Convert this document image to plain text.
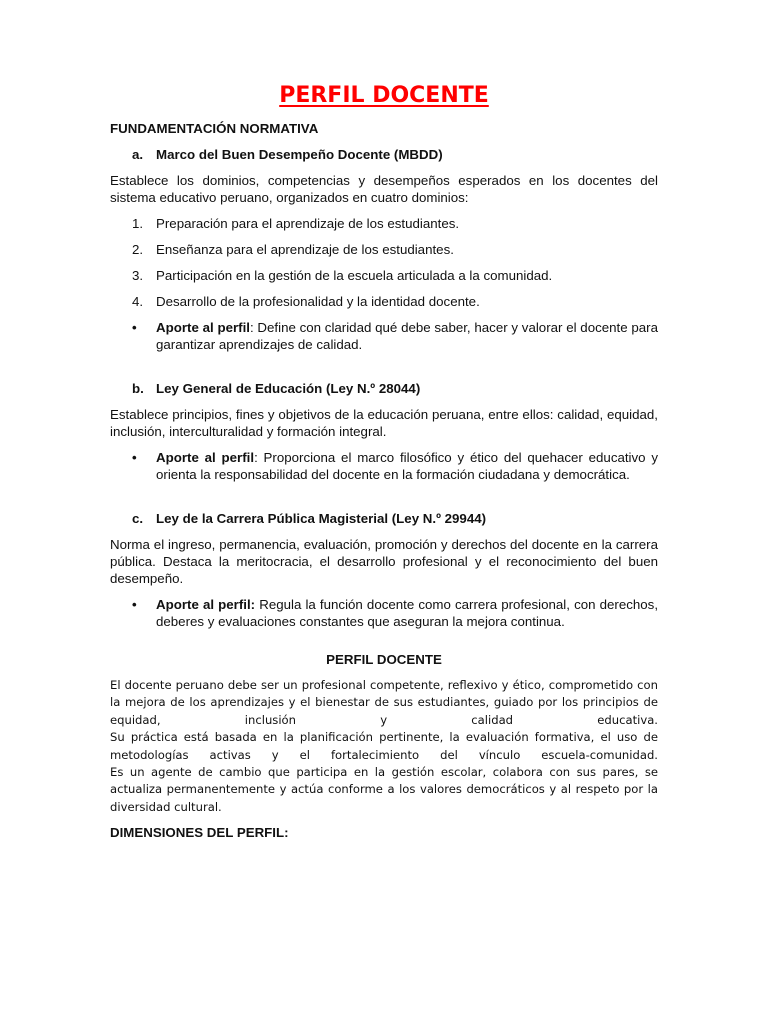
PERFIL DOCENTE
FUNDAMENTACIÓN NORMATIVA
a. Marco del Buen Desempeño Docente (MBDD)

Establece los dominios, competencias y desempeños esperados en los docentes del sistema educativo peruano, organizados en cuatro dominios:

1. Preparación para el aprendizaje de los estudiantes.
2. Enseñanza para el aprendizaje de los estudiantes.
3. Participación en la gestión de la escuela articulada a la comunidad.
4. Desarrollo de la profesionalidad y la identidad docente.
•	Aporte al perfil: Define con claridad qué debe saber, hacer y valorar el docente para garantizar aprendizajes de calidad.
b. Ley General de Educación (Ley N.º 28044)

Establece principios, fines y objetivos de la educación peruana, entre ellos: calidad, equidad, inclusión, interculturalidad y formación integral.

•	Aporte al perfil: Proporciona el marco filosófico y ético del quehacer educativo y orienta la responsabilidad del docente en la formación ciudadana y democrática.
c. Ley de la Carrera Pública Magisterial (Ley N.º 29944)

Norma el ingreso, permanencia, evaluación, promoción y derechos del docente en la carrera pública. Destaca la meritocracia, el desarrollo profesional y el reconocimiento del buen desempeño.

•	Aporte al perfil: Regula la función docente como carrera profesional, con derechos, deberes y evaluaciones constantes que aseguran la mejora continua.
PERFIL DOCENTE
El docente peruano debe ser un profesional competente, reflexivo y ético, comprometido con la mejora de los aprendizajes y el bienestar de sus estudiantes, guiado por los principios de equidad, inclusión y calidad educativa.
Su práctica está basada en la planificación pertinente, la evaluación formativa, el uso de metodologías activas y el fortalecimiento del vínculo escuela-comunidad.
Es un agente de cambio que participa en la gestión escolar, colabora con sus pares, se actualiza permanentemente y actúa conforme a los valores democráticos y al respeto por la diversidad cultural.
DIMENSIONES DEL PERFIL:
